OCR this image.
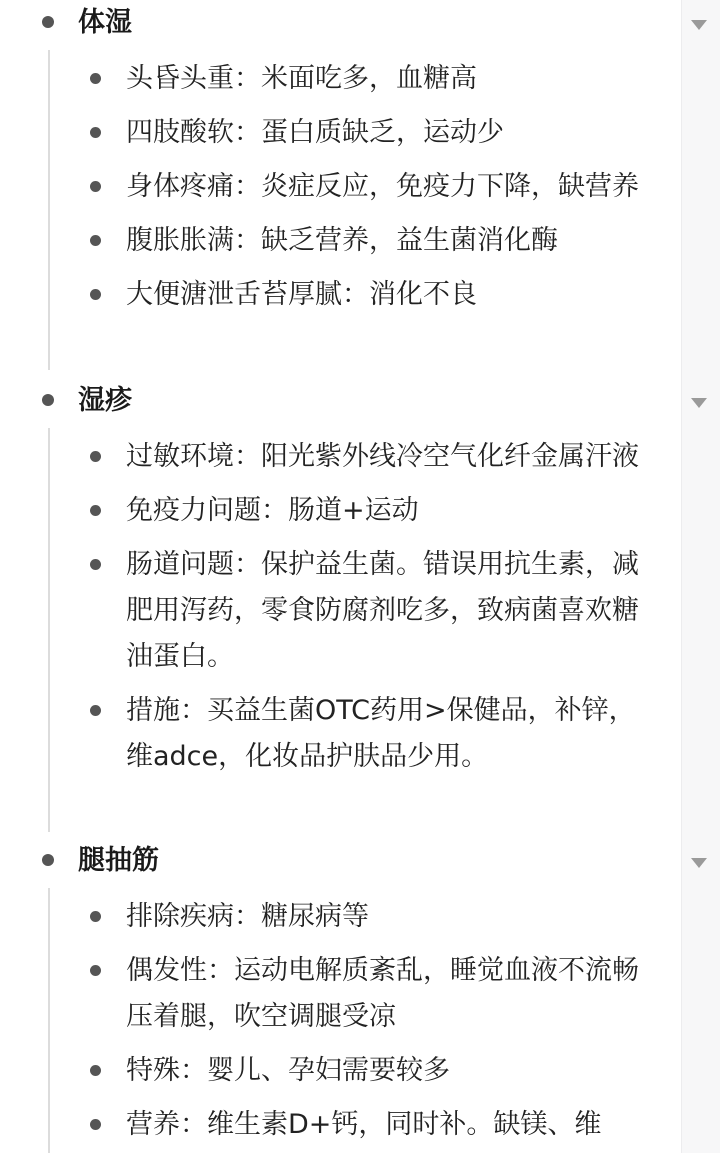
体湿
头昏头重：米面吃多，血糖高
四肢酸软：蛋白质缺乏，运动少
身体疼痛：炎症反应，免疫力下降，缺营养
腹胀胀满：缺乏营养，益生菌消化酶
大便溏泄舌苔厚腻：消化不良
湿疹
过敏环境：阳光紫外线冷空气化纤金属汗液
免疫力问题：肠道+运动
肠道问题：保护益生菌。错误用抗生素，减肥用泻药，零食防腐剂吃多，致病菌喜欢糖油蛋白。
措施：买益生菌OTC药用>保健品，补锌，维adce，化妆品护肤品少用。
腿抽筋
排除疾病：糖尿病等
偶发性：运动电解质紊乱，睡觉血液不流畅压着腿，吹空调腿受凉
特殊：婴儿、孕妇需要较多
营养：维生素D+钙，同时补。缺镁、维
